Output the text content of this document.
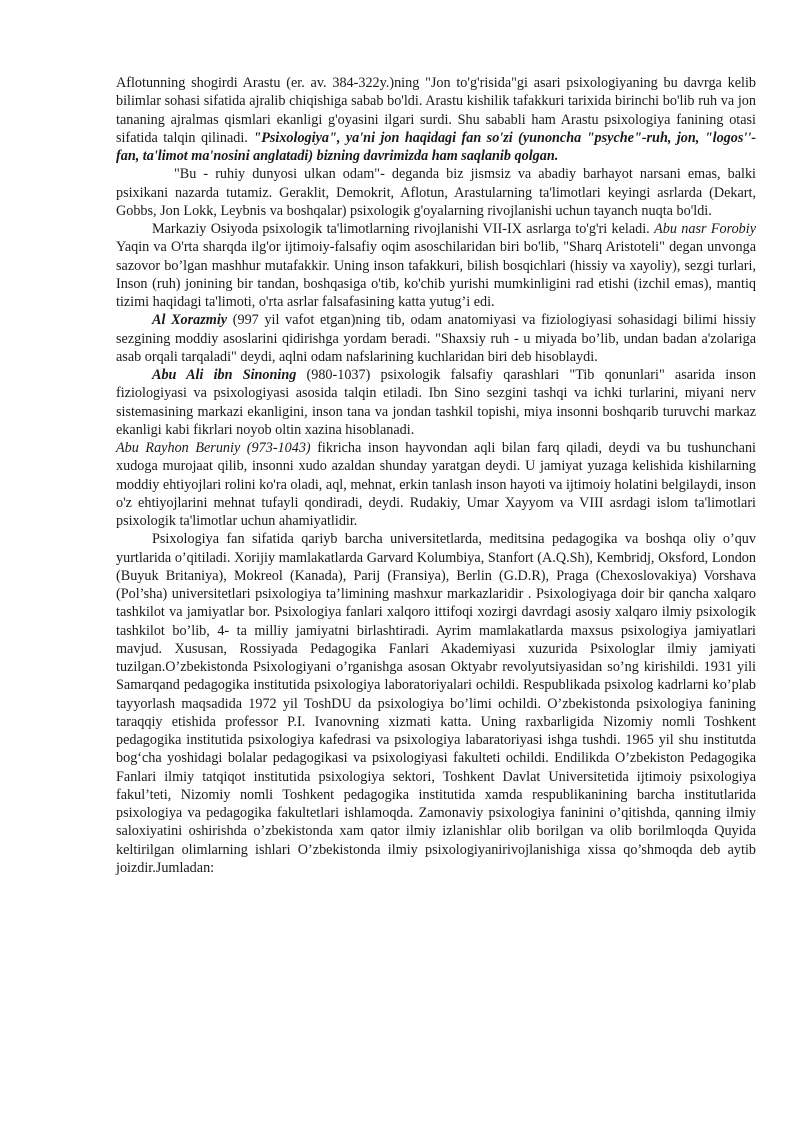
Aflotunning shogirdi Arastu (er. av. 384-322y.)ning "Jon to'g'risida"gi asari psixologiyaning bu davrga kelib bilimlar sohasi sifatida ajralib chiqishiga sabab bo'ldi. Arastu kishilik tafakkuri tarixida birinchi bo'lib ruh va jon tananing ajralmas qismlari ekanligi g'oyasini ilgari surdi. Shu sababli ham Arastu psixologiya fanining otasi sifatida talqin qilinadi. "Psixologiya", ya'ni jon haqidagi fan so'zi (yunoncha "psyche"-ruh, jon, "logos''-fan, ta'limot ma'nosini anglatadi) bizning davrimizda ham saqlanib qolgan.

"Bu - ruhiy dunyosi ulkan odam"- deganda biz jismsiz va abadiy barhayot narsani emas, balki psixikani nazarda tutamiz. Geraklit, Demokrit, Aflotun, Arastularning ta'limotlari keyingi asrlarda (Dekart, Gobbs, Jon Lokk, Leybnis va boshqalar) psixologik g'oyalarning rivojlanishi uchun tayanch nuqta bo'ldi.

Markaziy Osiyoda psixologik ta'limotlarning rivojlanishi VII-IX asrlarga to'g'ri keladi. Abu nasr Forobiy Yaqin va O'rta sharqda ilg'or ijtimoiy-falsafiy oqim asoschilaridan biri bo'lib, "Sharq Aristoteli" degan unvonga sazovor bo’lgan mashhur mutafakkir. Uning inson tafakkuri, bilish bosqichlari (hissiy va xayoliy), sezgi turlari, Inson (ruh) jonining bir tandan, boshqasiga o'tib, ko'chib yurishi mumkinligini rad etishi (izchil emas), mantiq tizimi haqidagi ta'limoti, o'rta asrlar falsafasining katta yutug’i edi.

Al Xorazmiy (997 yil vafot etgan)ning tib, odam anatomiyasi va fiziologiyasi sohasidagi bilimi hissiy sezgining moddiy asoslarini qidirishga yordam beradi. "Shaxsiy ruh - u miyada bo’lib, undan badan a'zolariga asab orqali tarqaladi" deydi, aqlni odam nafslarining kuchlaridan biri deb hisoblaydi.

Abu Ali ibn Sinoning (980-1037) psixologik falsafiy qarashlari "Tib qonunlari" asarida inson fiziologiyasi va psixologiyasi asosida talqin etiladi. Ibn Sino sezgini tashqi va ichki turlarini, miyani nerv sistemasining markazi ekanligini, inson tana va jondan tashkil topishi, miya insonni boshqarib turuvchi markaz ekanligi kabi fikrlari noyob oltin xazina hisoblanadi.

Abu Rayhon Beruniy (973-1043) fikricha inson hayvondan aqli bilan farq qiladi, deydi va bu tushunchani xudoga murojaat qilib, insonni xudo azaldan shunday yaratgan deydi. U jamiyat yuzaga kelishida kishilarning moddiy ehtiyojlari rolini ko'ra oladi, aql, mehnat, erkin tanlash inson hayoti va ijtimoiy holatini belgilaydi, inson o'z ehtiyojlarini mehnat tufayli qondiradi, deydi. Rudakiy, Umar Xayyom va VIII asrdagi islom ta'limotlari psixologik ta'limotlar uchun ahamiyatlidir.

Psixologiya fan sifatida qariyb barcha universitetlarda, meditsina pedagogika va boshqa oliy o’quv yurtlarida o’qitiladi. Xorijiy mamlakatlarda Garvard Kolumbiya, Stanfort (A.Q.Sh), Kembridj, Oksford, London (Buyuk Britaniya), Mokreol (Kanada), Parij (Fransiya), Berlin (G.D.R), Praga (Chexoslovakiya) Vorshava (Pol’sha) universitetlari psixologiya ta’limining mashxur markazlaridir . Psixologiyaga doir bir qancha xalqaro tashkilot va jamiyatlar bor. Psixologiya fanlari xalqoro ittifoqi xozirgi davrdagi asosiy xalqaro ilmiy psixologik tashkilot bo’lib, 4- ta milliy jamiyatni birlashtiradi. Ayrim mamlakatlarda maxsus psixologiya jamiyatlari mavjud. Xususan, Rossiyada Pedagogika Fanlari Akademiyasi xuzurida Psixologlar ilmiy jamiyati tuzilgan.O’zbekistonda Psixologiyani o’rganishga asosan Oktyabr revolyutsiyasidan so’ng kirishildi. 1931 yili Samarqand pedagogika institutida psixologiya laboratoriyalari ochildi. Respublikada psixolog kadrlarni ko’plab tayyorlash maqsadida 1972 yil ToshDU da psixologiya bo’limi ochildi. O’zbekistonda psixologiya fanining taraqqiy etishida professor P.I. Ivanovning xizmati katta. Uning raxbarligida Nizomiy nomli Toshkent pedagogika institutida psixologiya kafedrasi va psixologiya labaratoriyasi ishga tushdi. 1965 yil shu institutda bog‘cha yoshidagi bolalar pedagogikasi va psixologiyasi fakulteti ochildi. Endilikda O’zbekiston Pedagogika Fanlari ilmiy tatqiqot institutida psixologiya sektori, Toshkent Davlat Universitetida ijtimoiy psixologiya fakul’teti, Nizomiy nomli Toshkent pedagogika institutida xamda respublikanining barcha institutlarida psixologiya va pedagogika fakultetlari ishlamoqda. Zamonaviy psixologiya faninini o’qitishda, qanning ilmiy saloxiyatini oshirishda o’zbekistonda xam qator ilmiy izlanishlar olib borilgan va olib borilmloqda Quyida keltirilgan olimlarning ishlari O’zbekistonda ilmiy psixologiyanirivojlanishiga xissa qo’shmoqda deb aytib joizdir.Jumladan:
